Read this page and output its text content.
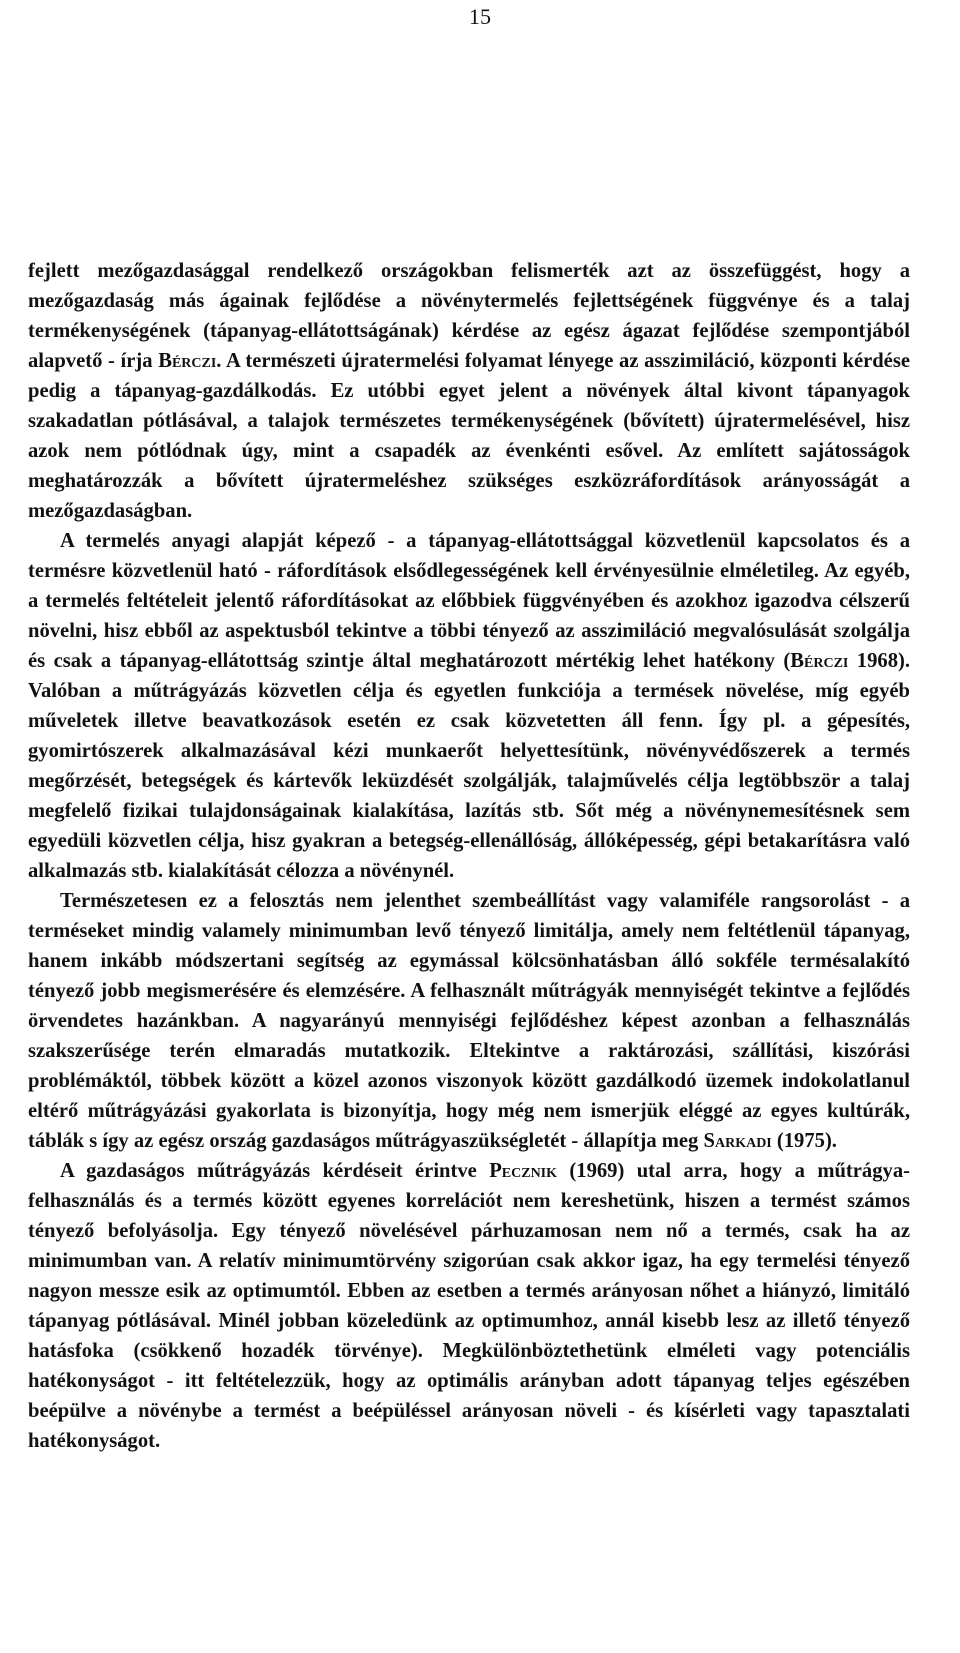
15

fejlett mezőgazdasággal rendelkező országokban felismerték azt az összefüggést, hogy a mezőgazdaság más ágainak fejlődése a növénytermelés fejlettségének függvénye és a talaj termékenységének (tápanyag-ellátottságának) kérdése az egész ágazat fejlődése szempontjából alapvető - írja Bérczi. A természeti újratermelési folyamat lényege az asszimiláció, központi kérdése pedig a tápanyag-gazdálkodás. Ez utóbbi egyet jelent a növények által kivont tápanyagok szakadatlan pótlásával, a talajok természetes termékenységének (bővített) újratermelésével, hisz azok nem pótlódnak úgy, mint a csapadék az évenkénti esővel. Az említett sajátosságok meghatározzák a bővített újratermeléshez szükséges eszközráfordítások arányosságát a mezőgazdaságban.

A termelés anyagi alapját képező - a tápanyag-ellátottsággal közvetlenül kapcsolatos és a termésre közvetlenül ható - ráfordítások elsődlegességének kell érvényesülnie elméletileg. Az egyéb, a termelés feltételeit jelentő ráfordításokat az előbbiek függvényében és azokhoz igazodva célszerű növelni, hisz ebből az aspektusból tekintve a többi tényező az asszimiláció megvalósulását szolgálja és csak a tápanyag-ellátottság szintje által meghatározott mértékig lehet hatékony (Bérczi 1968). Valóban a műtrágyázás közvetlen célja és egyetlen funkciója a termések növelése, míg egyéb műveletek illetve beavatkozások esetén ez csak közvetetten áll fenn. Így pl. a gépesítés, gyomirtószerek alkalmazásával kézi munkaerőt helyettesítünk, növényvédőszerek a termés megőrzését, betegségek és kártevők leküzdését szolgálják, talajművelés célja legtöbbször a talaj megfelelő fizikai tulajdonságainak kialakítása, lazítás stb. Sőt még a növénynemesítésnek sem egyedüli közvetlen célja, hisz gyakran a betegség-ellenállóság, állóképesség, gépi betakarításra való alkalmazás stb. kialakítását célozza a növénynél.

Természetesen ez a felosztás nem jelenthet szembeállítást vagy valamiféle rangsorolást - a terméseket mindig valamely minimumban levő tényező limitálja, amely nem feltétlenül tápanyag, hanem inkább módszertani segítség az egymással kölcsönhatásban álló sokféle termésalakító tényező jobb megismerésére és elemzésére. A felhasznált műtrágyák mennyiségét tekintve a fejlődés örvendetes hazánkban. A nagyarányú mennyiségi fejlődéshez képest azonban a felhasználás szakszerűsége terén elmaradás mutatkozik. Eltekintve a raktározási, szállítási, kiszórási problémáktól, többek között a közel azonos viszonyok között gazdálkodó üzemek indokolatlanul eltérő műtrágyázási gyakorlata is bizonyítja, hogy még nem ismerjük eléggé az egyes kultúrák, táblák s így az egész ország gazdaságos műtrágyaszükségletét - állapítja meg Sarkadi (1975).

A gazdaságos műtrágyázás kérdéseit érintve Pecznik (1969) utal arra, hogy a műtrágya-felhasználás és a termés között egyenes korrelációt nem kereshetünk, hiszen a termést számos tényező befolyásolja. Egy tényező növelésével párhuzamosan nem nő a termés, csak ha az minimumban van. A relatív minimumtörvény szigorúan csak akkor igaz, ha egy termelési tényező nagyon messze esik az optimumtól. Ebben az esetben a termés arányosan nőhet a hiányzó, limitáló tápanyag pótlásával. Minél jobban közeledünk az optimumhoz, annál kisebb lesz az illető tényező hatásfoka (csökkenő hozadék törvénye). Megkülönböztethetünk elméleti vagy potenciális hatékonyságot - itt feltételezzük, hogy az optimális arányban adott tápanyag teljes egészében beépülve a növénybe a termést a beépüléssel arányosan növeli - és kísérleti vagy tapasztalati hatékonyságot.
